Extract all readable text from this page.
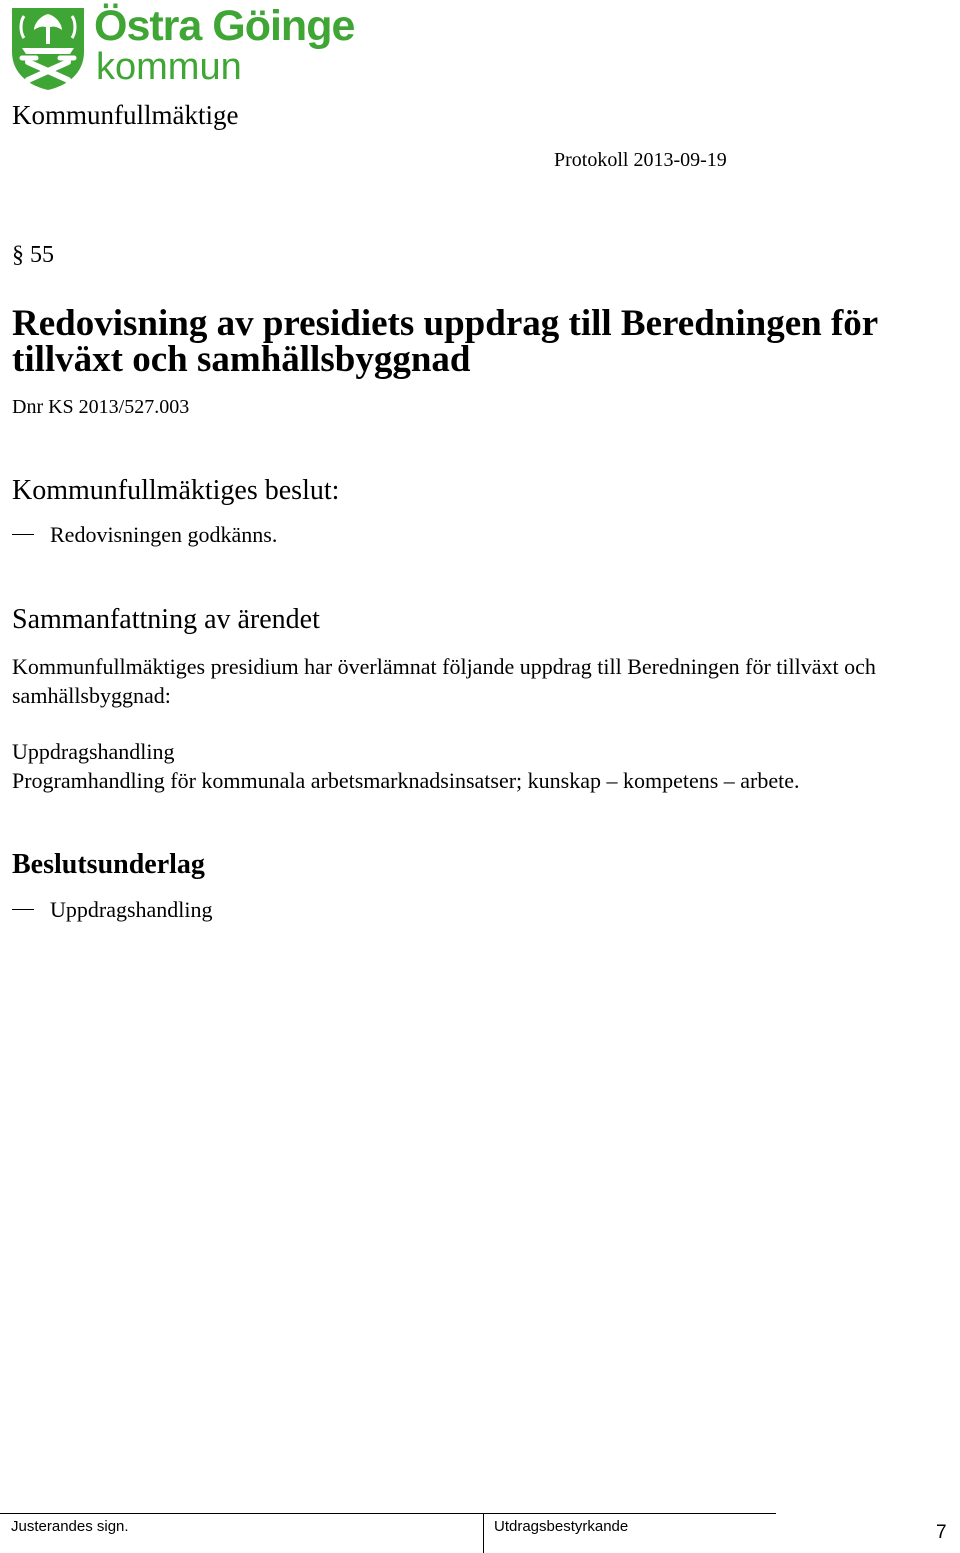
Östra Göinge
kommun
Kommunfullmäktige
Protokoll 2013-09-19
§ 55
Redovisning av presidiets uppdrag till Beredningen för
tillväxt och samhällsbyggnad
Dnr KS 2013/527.003
Kommunfullmäktiges beslut:
Redovisningen godkänns.
Sammanfattning av ärendet
Kommunfullmäktiges presidium har överlämnat följande uppdrag till Beredningen för tillväxt och samhällsbyggnad:
Uppdragshandling
Programhandling för kommunala arbetsmarknadsinsatser; kunskap – kompetens – arbete.
Beslutsunderlag
Uppdragshandling
Justerandes sign.	Utdragsbestyrkande	7
